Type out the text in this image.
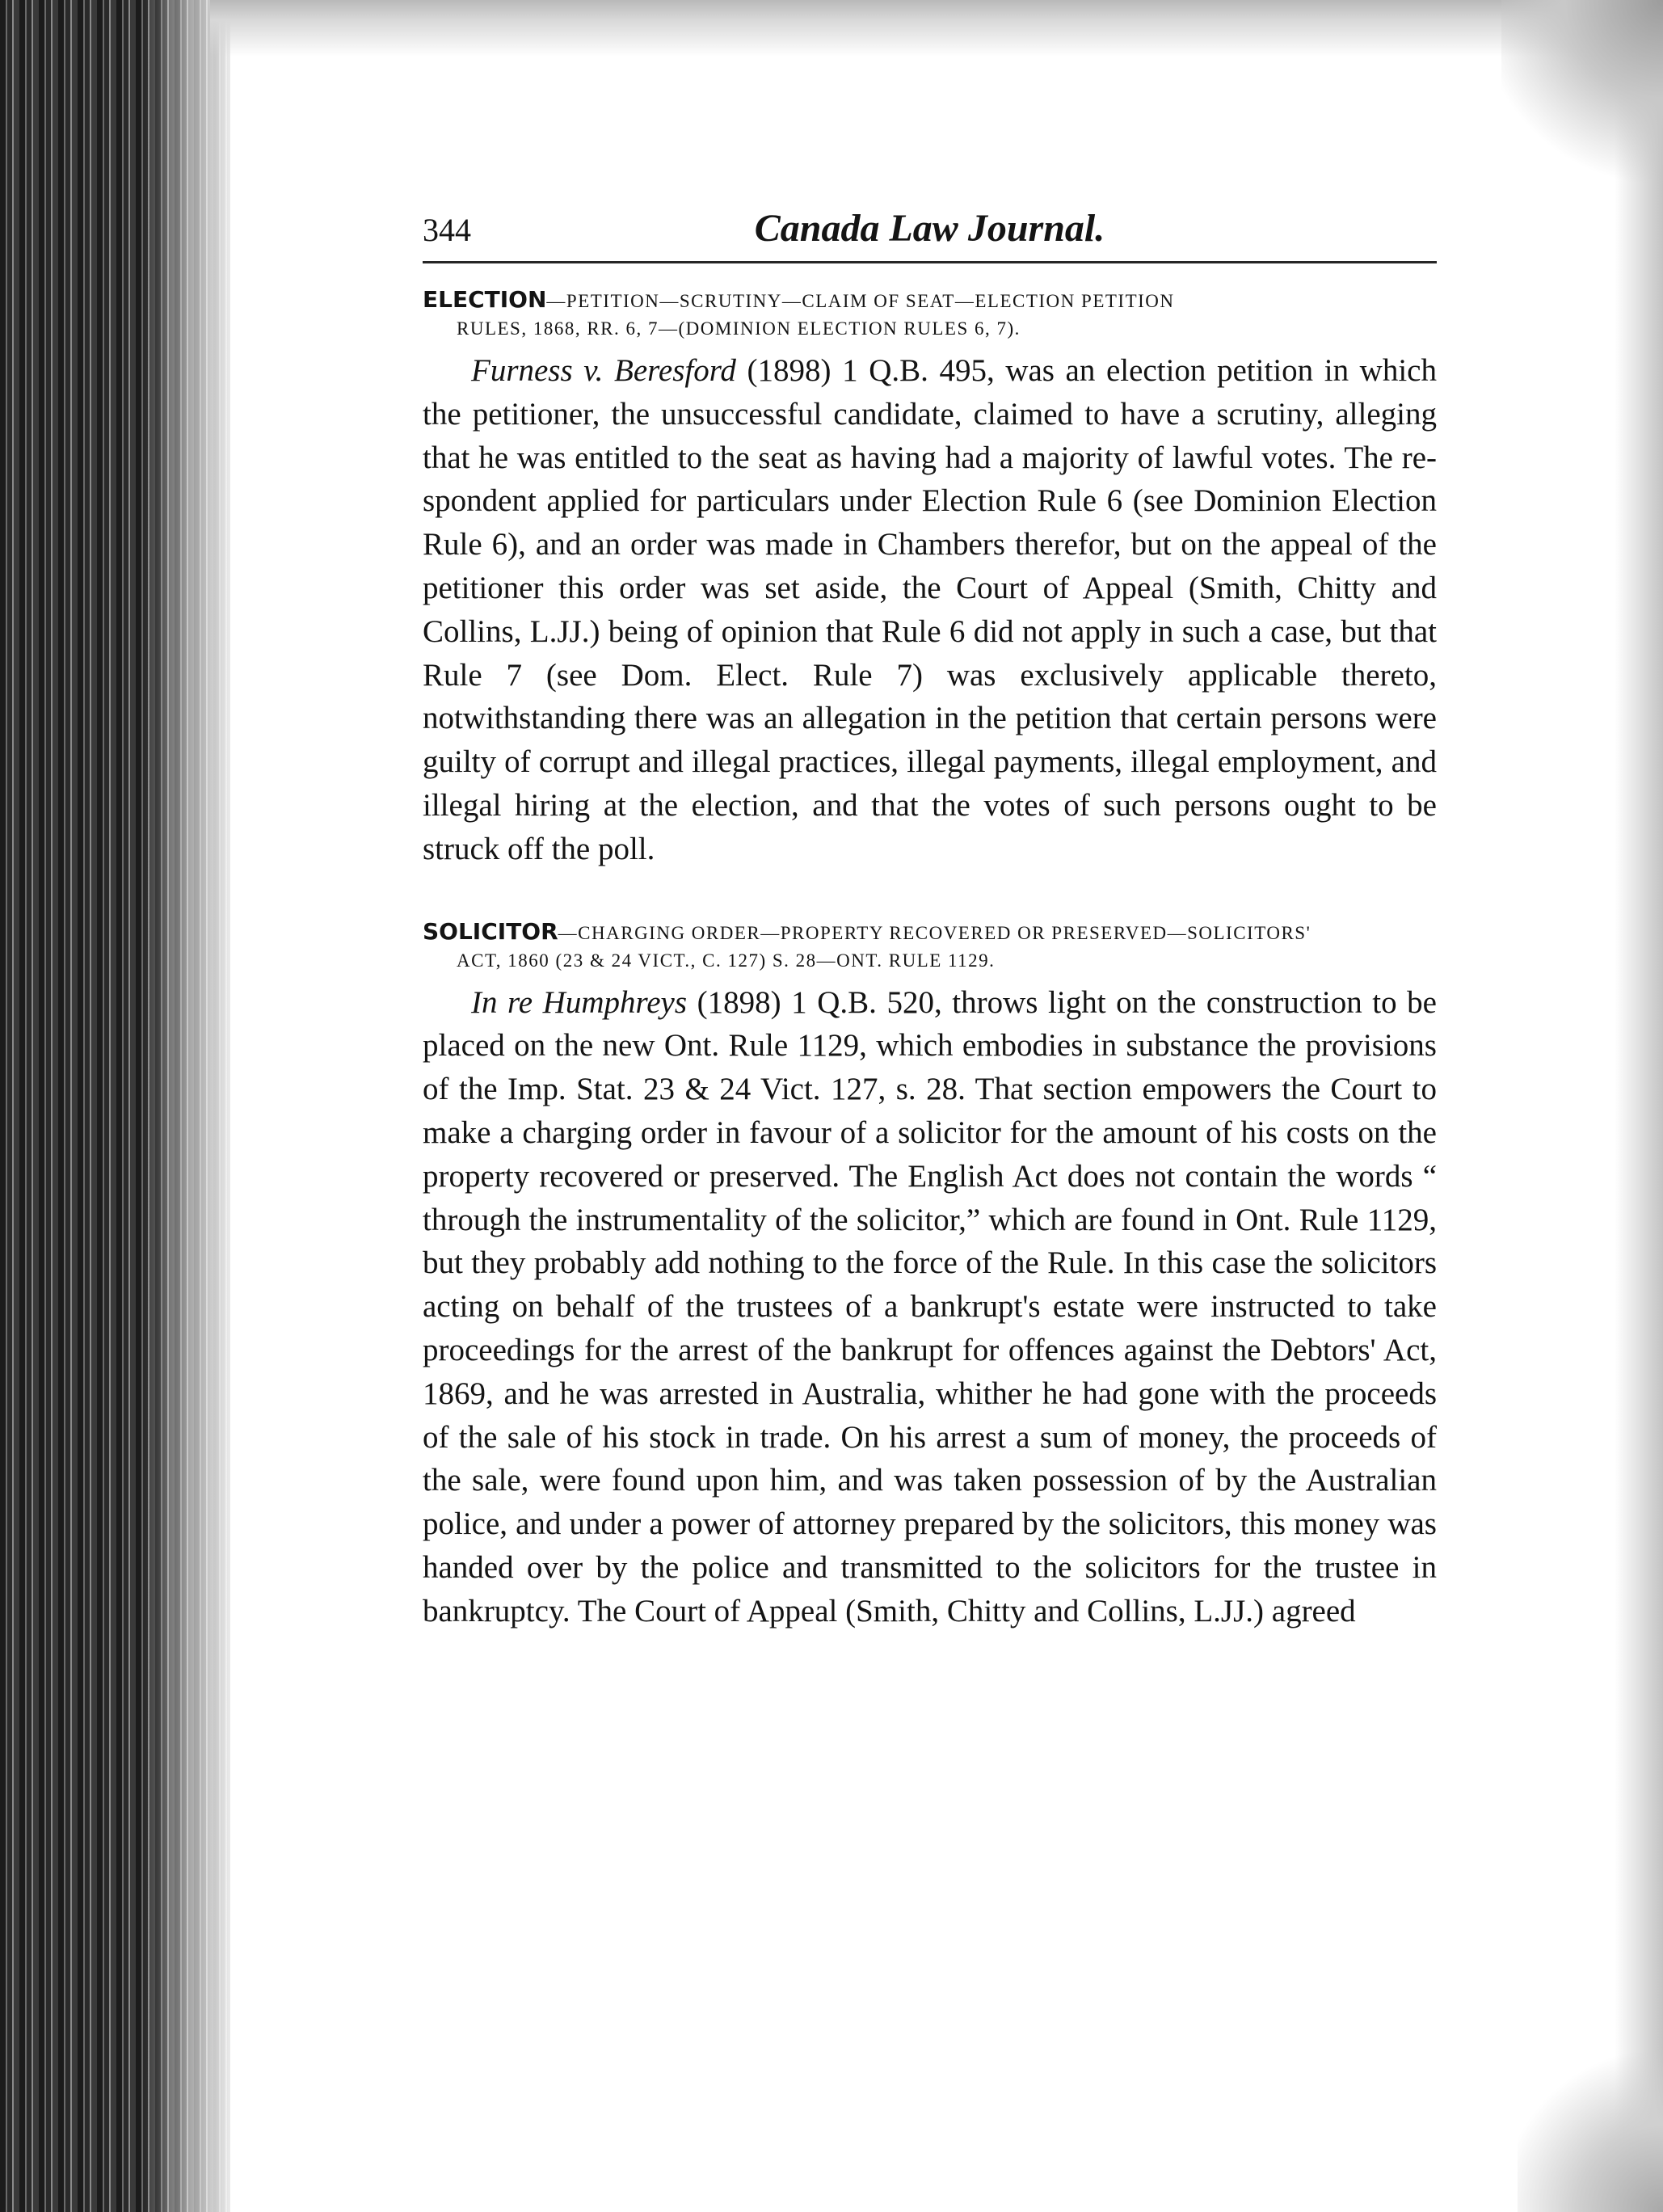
344	Canada Law Journal.
ELECTION—PETITION—SCRUTINY—CLAIM OF SEAT—ELECTION PETITION
RULES, 1868, RR. 6, 7—(DOMINION ELECTION RULES 6, 7).

Furness v. Beresford (1898) 1 Q.B. 495, was an election petition in which the petitioner, the unsuccessful candidate, claimed to have a scrutiny, alleging that he was entitled to the seat as having had a majority of lawful votes. The re-spondent applied for particulars under Election Rule 6 (see Dominion Election Rule 6), and an order was made in Chambers therefor, but on the appeal of the petitioner this order was set aside, the Court of Appeal (Smith, Chitty and Collins, L.JJ.) being of opinion that Rule 6 did not apply in such a case, but that Rule 7 (see Dom. Elect. Rule 7) was exclusively applicable thereto, notwithstanding there was an allegation in the petition that certain persons were guilty of corrupt and illegal practices, illegal payments, illegal employment, and illegal hiring at the election, and that the votes of such persons ought to be struck off the poll.

SOLICITOR—CHARGING ORDER—PROPERTY RECOVERED OR PRESERVED—SOLICITORS'
ACT, 1860 (23 & 24 VICT., C. 127) S. 28—ONT. RULE 1129.

In re Humphreys (1898) 1 Q.B. 520, throws light on the construction to be placed on the new Ont. Rule 1129, which embodies in substance the provisions of the Imp. Stat. 23 & 24 Vict. 127, s. 28. That section empowers the Court to make a charging order in favour of a solicitor for the amount of his costs on the property recovered or preserved. The English Act does not contain the words “ through the instrumentality of the solicitor,” which are found in Ont. Rule 1129, but they probably add nothing to the force of the Rule. In this case the solicitors acting on behalf of the trustees of a bankrupt's estate were instructed to take proceedings for the arrest of the bankrupt for offences against the Debtors' Act, 1869, and he was arrested in Australia, whither he had gone with the proceeds of the sale of his stock in trade. On his arrest a sum of money, the proceeds of the sale, were found upon him, and was taken possession of by the Australian police, and under a power of attorney prepared by the solicitors, this money was handed over by the police and transmitted to the solicitors for the trustee in bankruptcy. The Court of Appeal (Smith, Chitty and Collins, L.JJ.) agreed
